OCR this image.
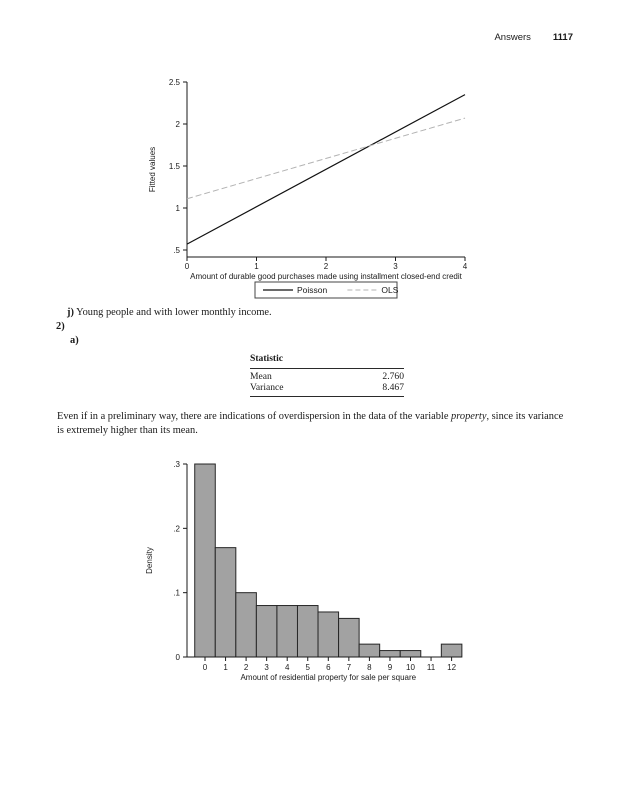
Answers 1117
.5
1
1.5
2
2.5
0	1	2	3	4
Amount of durable good purchases made using installment closed-end credit
Fitted values
Poisson	OLS
j) Young people and with lower monthly income.
2)
a)
Statistic
Mean	2.760
Variance	8.467
Even if in a preliminary way, there are indications of overdispersion in the data of the variable property, since its variance is extremely higher than its mean.
0
.1
.2
.3
0 1 2 3 4 5 6 7 8 9 10 11 12
Amount of residential property for sale per square
Density
